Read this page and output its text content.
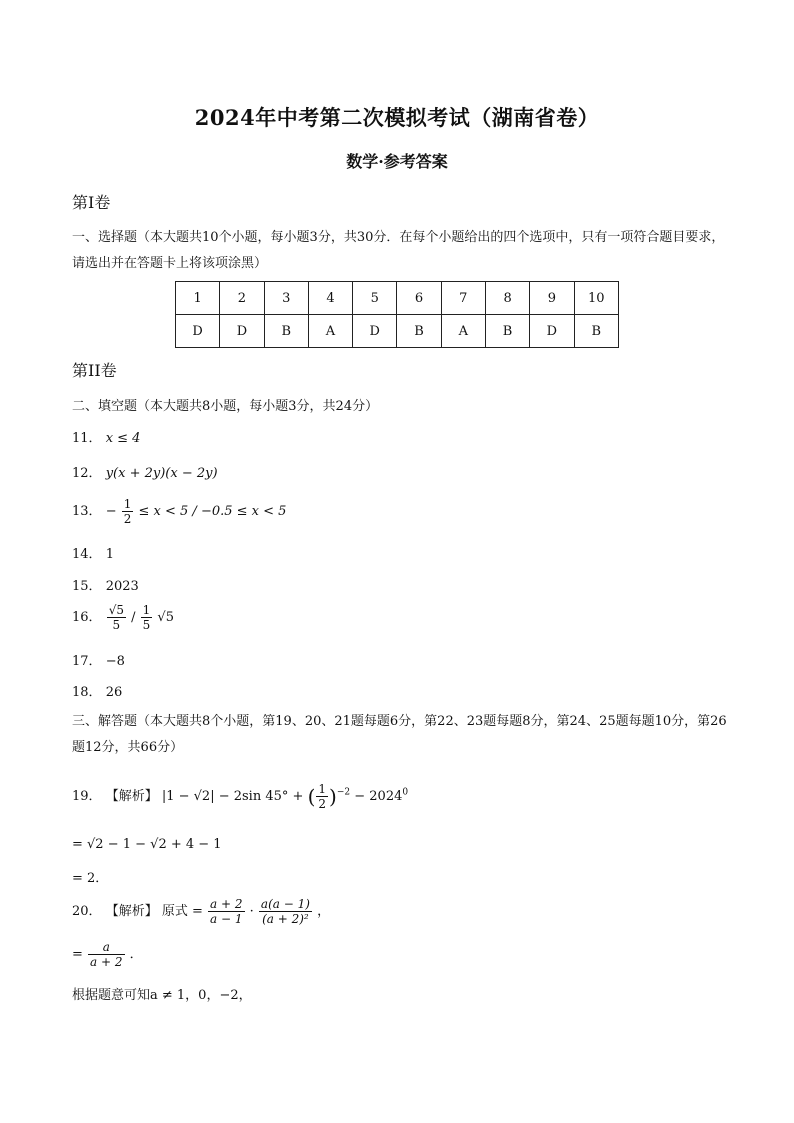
2024年中考第二次模拟考试（湖南省卷）
数学·参考答案
第Ⅰ卷
一、选择题（本大题共10个小题，每小题3分，共30分．在每个小题给出的四个选项中，只有一项符合题目要求，请选出并在答题卡上将该项涂黑）
1	2	3	4	5	6	7	8	9	10
D	D	B	A	D	B	A	B	D	B
第II卷
二、填空题（本大题共8小题，每小题3分，共24分）
11． x ≤ 4
12． y(x + 2y)(x − 2y)
13． − $\frac{1}{2} \le x < 5 / -0.5 \le x < 5$
14． 1
15． 2023
16． $\frac{√5}{5} / \frac{1}{5} √5$
17． −8
18． 26
三、解答题（本大题共8个小题，第19、20、21题每题6分，第22、23题每题8分，第24、25题每题10分，第26题12分，共66分）
19． 【解析】 |1 − √2| − 2sin 45° + ( $\frac{1}{2} )^{-2} - 2024^0$
= √2 − 1 − √2 + 4 − 1
= 2．
20． 【解析】 原式 = $\frac{a + 2}{a - 1} \cdot \frac{a(a - 1)}{\text{(a + 2)²}}$ ，
= $\frac{a}{a + 2}$ ．
根据题意可知a ≠ 1，0，−2，
